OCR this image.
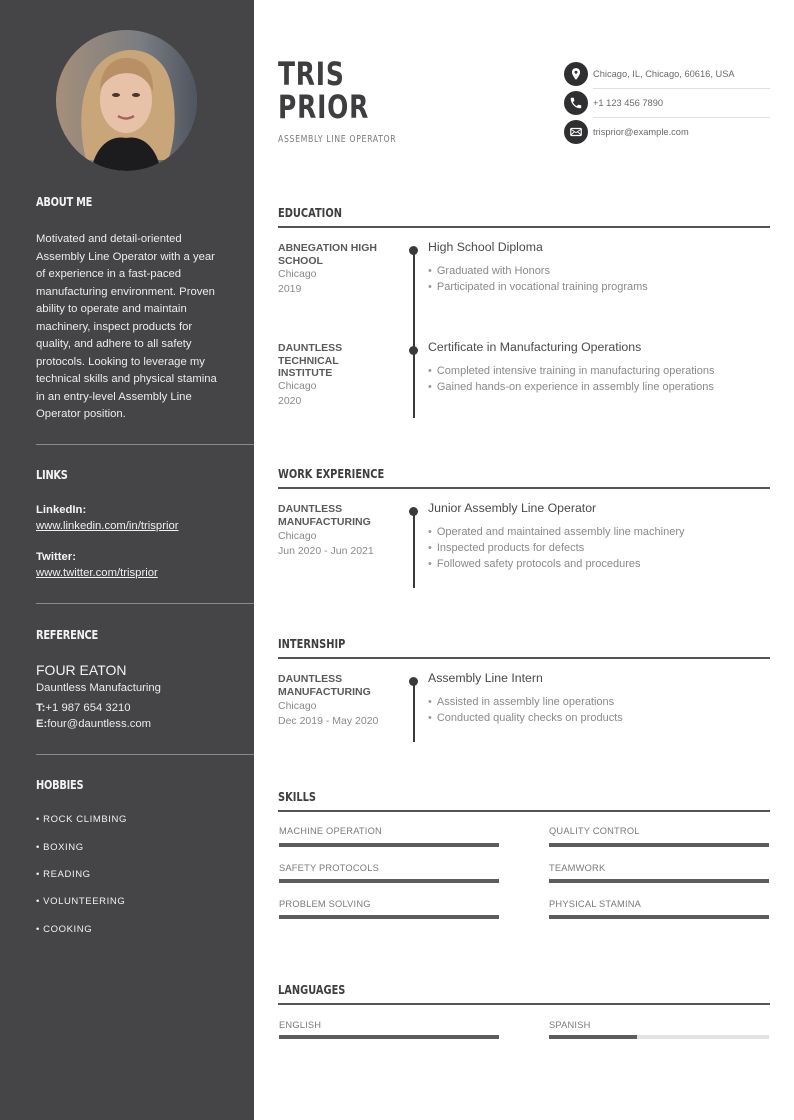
ABOUT ME

Motivated and detail-oriented Assembly Line Operator with a year of experience in a fast-paced manufacturing environment. Proven ability to operate and maintain machinery, inspect products for quality, and adhere to all safety protocols. Looking to leverage my technical skills and physical stamina in an entry-level Assembly Line Operator position.

LINKS
LinkedIn:
www.linkedin.com/in/trisprior
Twitter:
www.twitter.com/trisprior
REFERENCE
FOUR EATON
Dauntless Manufacturing
T:+1 987 654 3210
E:four@dauntless.com
HOBBIES
• ROCK CLIMBING
• BOXING
• READING
• VOLUNTEERING
• COOKING
TRIS
PRIOR
ASSEMBLY LINE OPERATOR
Chicago, IL, Chicago, 60616, USA
+1 123 456 7890
trisprior@example.com
EDUCATION
ABNEGATION HIGH SCHOOL
Chicago
2019
High School Diploma
• Graduated with Honors
• Participated in vocational training programs
DAUNTLESS TECHNICAL INSTITUTE
Chicago
2020
Certificate in Manufacturing Operations
• Completed intensive training in manufacturing operations
• Gained hands-on experience in assembly line operations
WORK EXPERIENCE
DAUNTLESS MANUFACTURING
Chicago
Jun 2020 - Jun 2021
Junior Assembly Line Operator
• Operated and maintained assembly line machinery
• Inspected products for defects
• Followed safety protocols and procedures
INTERNSHIP
DAUNTLESS MANUFACTURING
Chicago
Dec 2019 - May 2020
Assembly Line Intern
• Assisted in assembly line operations
• Conducted quality checks on products
SKILLS
MACHINE OPERATION	QUALITY CONTROL
SAFETY PROTOCOLS	TEAMWORK
PROBLEM SOLVING	PHYSICAL STAMINA
LANGUAGES
ENGLISH	SPANISH
